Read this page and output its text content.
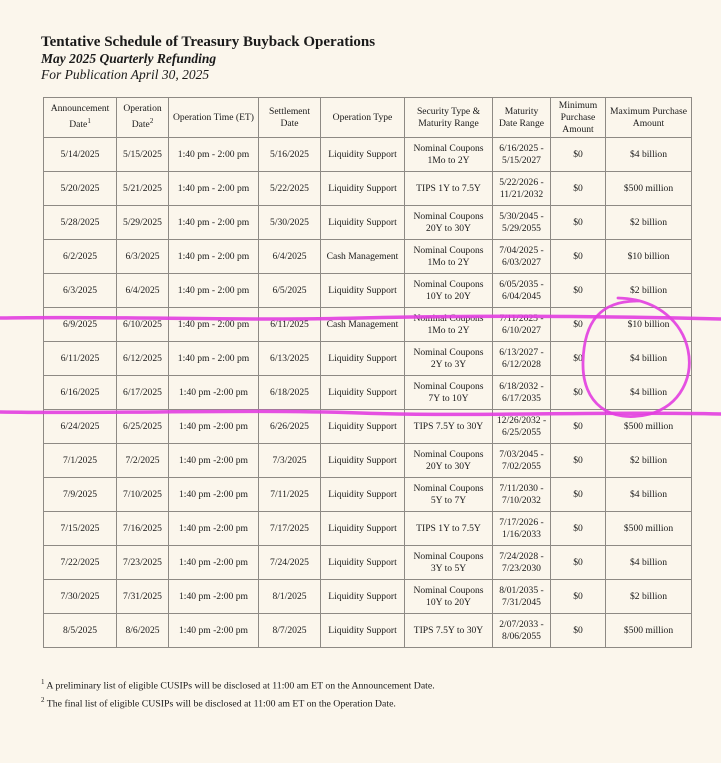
Tentative Schedule of Treasury Buyback Operations
May 2025 Quarterly Refunding
For Publication April 30, 2025
Announcement Date$^1$	Operation Date$^2$	Operation Time (ET)	Settlement Date	Operation Type	Security Type & Maturity Range	Maturity Date Range	Minimum Purchase Amount	Maximum Purchase Amount
5/14/2025	5/15/2025	1:40 pm - 2:00 pm	5/16/2025	Liquidity Support	Nominal Coupons 1Mo to 2Y	6/16/2025 - 5/15/2027	$0	$4 billion
5/20/2025	5/21/2025	1:40 pm - 2:00 pm	5/22/2025	Liquidity Support	TIPS 1Y to 7.5Y	5/22/2026 - 11/21/2032	$0	$500 million
5/28/2025	5/29/2025	1:40 pm - 2:00 pm	5/30/2025	Liquidity Support	Nominal Coupons 20Y to 30Y	5/30/2045 - 5/29/2055	$0	$2 billion
6/2/2025	6/3/2025	1:40 pm - 2:00 pm	6/4/2025	Cash Management	Nominal Coupons 1Mo to 2Y	7/04/2025 - 6/03/2027	$0	$10 billion
6/3/2025	6/4/2025	1:40 pm - 2:00 pm	6/5/2025	Liquidity Support	Nominal Coupons 10Y to 20Y	6/05/2035 - 6/04/2045	$0	$2 billion
6/9/2025	6/10/2025	1:40 pm - 2:00 pm	6/11/2025	Cash Management	Nominal Coupons 1Mo to 2Y	7/11/2025 - 6/10/2027	$0	$10 billion
6/11/2025	6/12/2025	1:40 pm - 2:00 pm	6/13/2025	Liquidity Support	Nominal Coupons 2Y to 3Y	6/13/2027 - 6/12/2028	$0	$4 billion
6/16/2025	6/17/2025	1:40 pm -2:00 pm	6/18/2025	Liquidity Support	Nominal Coupons 7Y to 10Y	6/18/2032 - 6/17/2035	$0	$4 billion
6/24/2025	6/25/2025	1:40 pm -2:00 pm	6/26/2025	Liquidity Support	TIPS 7.5Y to 30Y	12/26/2032 - 6/25/2055	$0	$500 million
7/1/2025	7/2/2025	1:40 pm -2:00 pm	7/3/2025	Liquidity Support	Nominal Coupons 20Y to 30Y	7/03/2045 - 7/02/2055	$0	$2 billion
7/9/2025	7/10/2025	1:40 pm -2:00 pm	7/11/2025	Liquidity Support	Nominal Coupons 5Y to 7Y	7/11/2030 - 7/10/2032	$0	$4 billion
7/15/2025	7/16/2025	1:40 pm -2:00 pm	7/17/2025	Liquidity Support	TIPS 1Y to 7.5Y	7/17/2026 - 1/16/2033	$0	$500 million
7/22/2025	7/23/2025	1:40 pm -2:00 pm	7/24/2025	Liquidity Support	Nominal Coupons 3Y to 5Y	7/24/2028 - 7/23/2030	$0	$4 billion
7/30/2025	7/31/2025	1:40 pm -2:00 pm	8/1/2025	Liquidity Support	Nominal Coupons 10Y to 20Y	8/01/2035 - 7/31/2045	$0	$2 billion
8/5/2025	8/6/2025	1:40 pm -2:00 pm	8/7/2025	Liquidity Support	TIPS 7.5Y to 30Y	2/07/2033 - 8/06/2055	$0	$500 million
$^1$ A preliminary list of eligible CUSIPs will be disclosed at 11:00 am ET on the Announcement Date.
$^2$ The final list of eligible CUSIPs will be disclosed at 11:00 am ET on the Operation Date.
